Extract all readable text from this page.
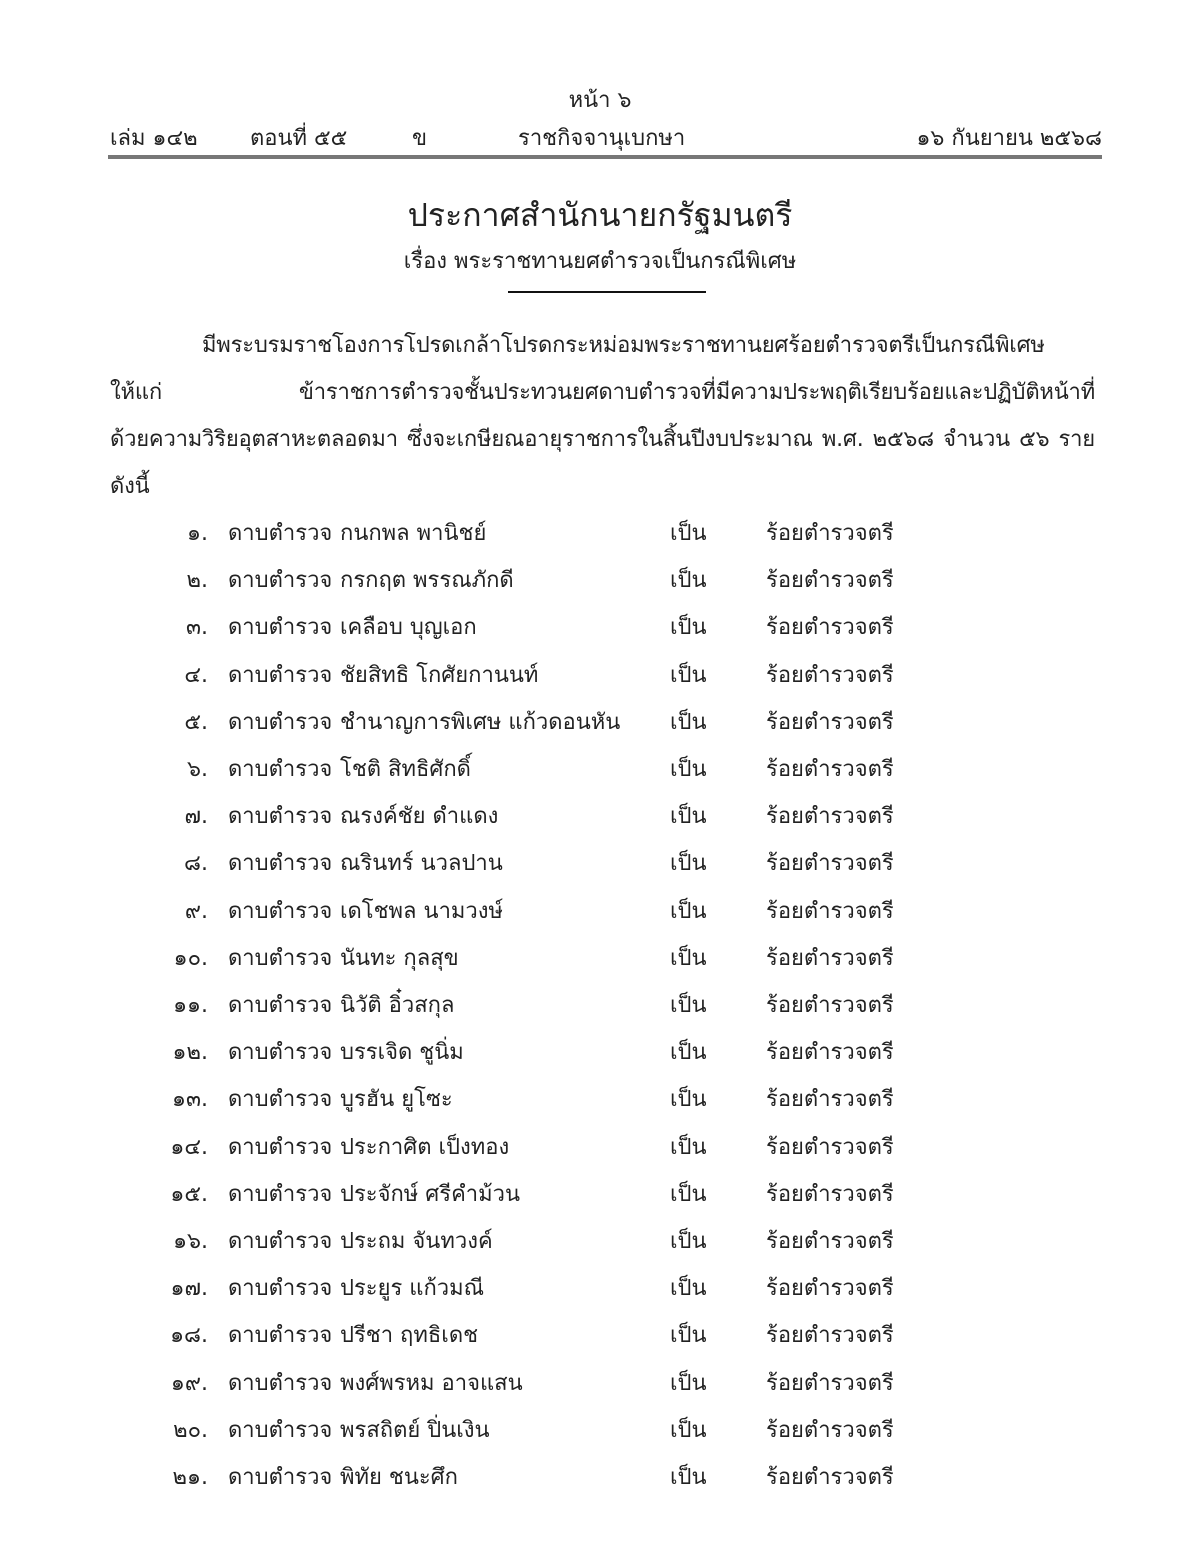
หน้า ๖
เล่ม ๑๔๒ ตอนที่ ๕๕	ข	ราชกิจจานุเบกษา	๑๖ กันยายน ๒๕๖๘
ประกาศสำนักนายกรัฐมนตรี
เรื่อง พระราชทานยศตำรวจเป็นกรณีพิเศษ
มีพระบรมราชโองการโปรดเกล้าโปรดกระหม่อมพระราชทานยศร้อยตำรวจตรีเป็นกรณีพิเศษ
ให้แก่ ข้าราชการตำรวจชั้นประทวนยศดาบตำรวจที่มีความประพฤติเรียบร้อยและปฏิบัติหน้าที่
ด้วยความวิริยอุตสาหะตลอดมา ซึ่งจะเกษียณอายุราชการในสิ้นปีงบประมาณ พ.ศ. ๒๕๖๘ จำนวน ๕๖ ราย
ดังนี้
๑. ดาบตำรวจ กนกพล พานิชย์	เป็น	ร้อยตำรวจตรี
๒. ดาบตำรวจ กรกฤต พรรณภักดี	เป็น	ร้อยตำรวจตรี
๓. ดาบตำรวจ เคลือบ บุญเอก	เป็น	ร้อยตำรวจตรี
๔. ดาบตำรวจ ชัยสิทธิ โกศัยกานนท์	เป็น	ร้อยตำรวจตรี
๕. ดาบตำรวจ ชำนาญการพิเศษ แก้วดอนหัน	เป็น	ร้อยตำรวจตรี
๖. ดาบตำรวจ โชติ สิทธิศักดิ์	เป็น	ร้อยตำรวจตรี
๗. ดาบตำรวจ ณรงค์ชัย ดำแดง	เป็น	ร้อยตำรวจตรี
๘. ดาบตำรวจ ณรินทร์ นวลปาน	เป็น	ร้อยตำรวจตรี
๙. ดาบตำรวจ เดโชพล นามวงษ์	เป็น	ร้อยตำรวจตรี
๑๐. ดาบตำรวจ นันทะ กุลสุข	เป็น	ร้อยตำรวจตรี
๑๑. ดาบตำรวจ นิวัติ อิ๋วสกุล	เป็น	ร้อยตำรวจตรี
๑๒. ดาบตำรวจ บรรเจิด ชูนิ่ม	เป็น	ร้อยตำรวจตรี
๑๓. ดาบตำรวจ บูรฮัน ยูโซะ	เป็น	ร้อยตำรวจตรี
๑๔. ดาบตำรวจ ประกาศิต เป็งทอง	เป็น	ร้อยตำรวจตรี
๑๕. ดาบตำรวจ ประจักษ์ ศรีคำม้วน	เป็น	ร้อยตำรวจตรี
๑๖. ดาบตำรวจ ประถม จันทวงค์	เป็น	ร้อยตำรวจตรี
๑๗. ดาบตำรวจ ประยูร แก้วมณี	เป็น	ร้อยตำรวจตรี
๑๘. ดาบตำรวจ ปรีชา ฤทธิเดช	เป็น	ร้อยตำรวจตรี
๑๙. ดาบตำรวจ พงศ์พรหม อาจแสน	เป็น	ร้อยตำรวจตรี
๒๐. ดาบตำรวจ พรสถิตย์ ปิ่นเงิน	เป็น	ร้อยตำรวจตรี
๒๑. ดาบตำรวจ พิทัย ชนะศึก	เป็น	ร้อยตำรวจตรี
